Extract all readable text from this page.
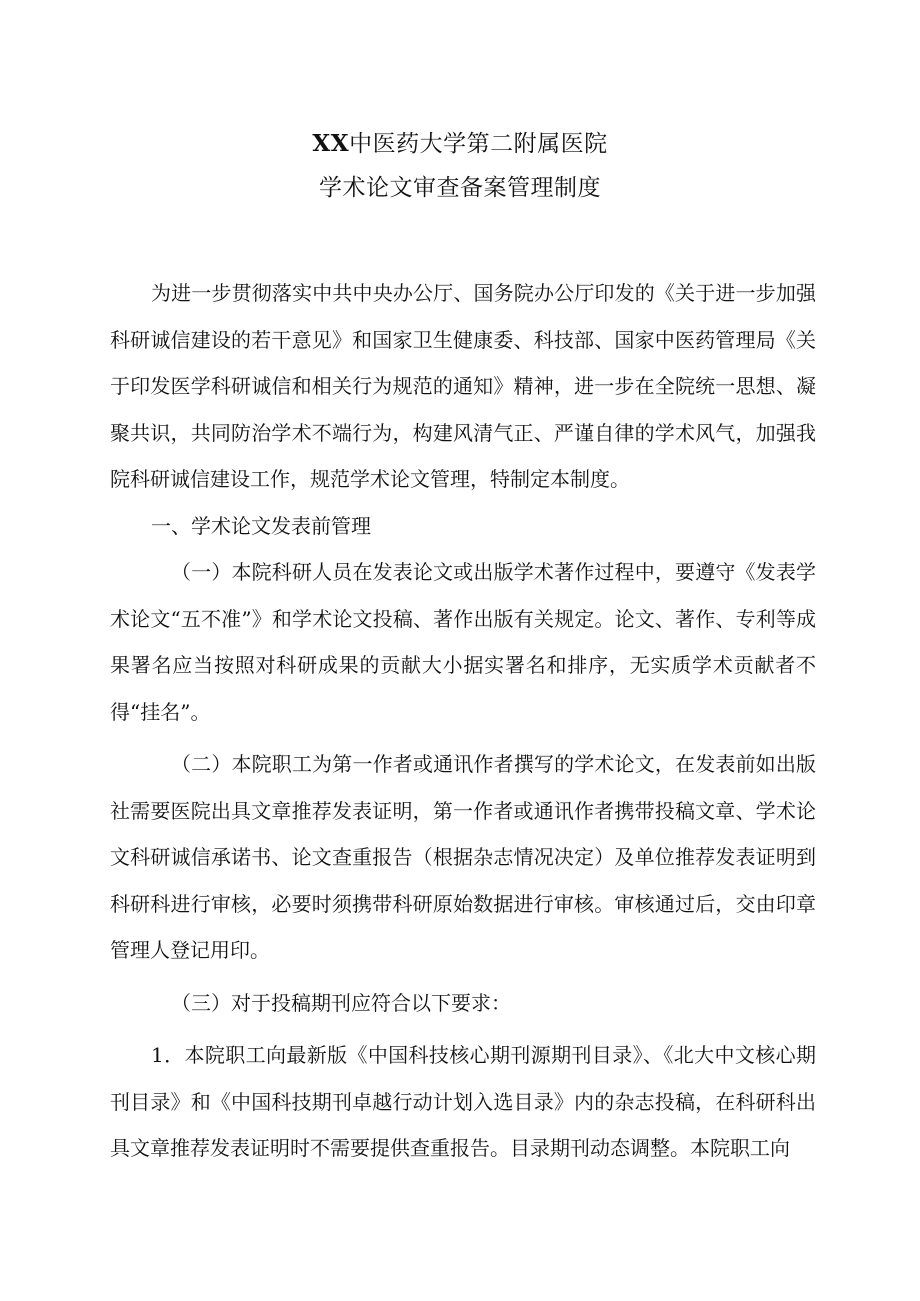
XX中医药大学第二附属医院
学术论文审查备案管理制度

为进一步贯彻落实中共中央办公厅、国务院办公厅印发的《关于进一步加强科研诚信建设的若干意见》和国家卫生健康委、科技部、国家中医药管理局《关于印发医学科研诚信和相关行为规范的通知》精神，进一步在全院统一思想、凝聚共识，共同防治学术不端行为，构建风清气正、严谨自律的学术风气，加强我院科研诚信建设工作，规范学术论文管理，特制定本制度。

一、学术论文发表前管理

（一）本院科研人员在发表论文或出版学术著作过程中，要遵守《发表学术论文“五不准”》和学术论文投稿、著作出版有关规定。论文、著作、专利等成果署名应当按照对科研成果的贡献大小据实署名和排序，无实质学术贡献者不得“挂名”。

（二）本院职工为第一作者或通讯作者撰写的学术论文，在发表前如出版社需要医院出具文章推荐发表证明，第一作者或通讯作者携带投稿文章、学术论文科研诚信承诺书、论文查重报告（根据杂志情况决定）及单位推荐发表证明到科研科进行审核，必要时须携带科研原始数据进行审核。审核通过后，交由印章管理人登记用印。

（三）对于投稿期刊应符合以下要求：

1．本院职工向最新版《中国科技核心期刊源期刊目录》、《北大中文核心期刊目录》和《中国科技期刊卓越行动计划入选目录》内的杂志投稿，在科研科出具文章推荐发表证明时不需要提供查重报告。目录期刊动态调整。本院职工向
